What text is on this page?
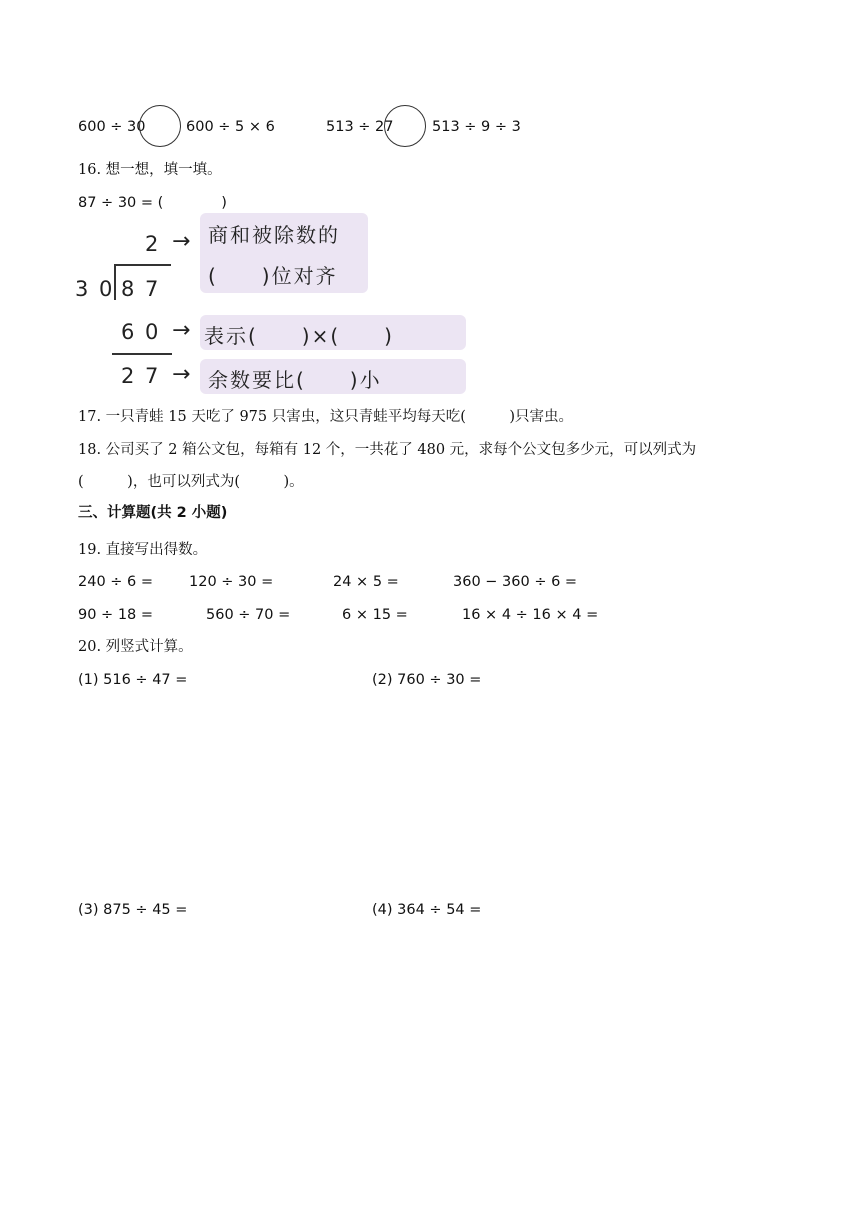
600 ÷ 30	600 ÷ 5 × 6	513 ÷ 27	513 ÷ 9 ÷ 3
16. 想一想，填一填。
87 ÷ 30 = (　　　　)
2 →

商和被除数的

(　　)位对齐

3 0 8 7
6 0 →

表示(　　)×(　　)

2 7 →

余数要比(　　)小

17. 一只青蛙 15 天吃了 975 只害虫，这只青蛙平均每天吃(　　　)只害虫。
18. 公司买了 2 箱公文包，每箱有 12 个，一共花了 480 元，求每个公文包多少元，可以列式为
(　　　)，也可以列式为(　　　)。
三、计算题(共 2 小题)
19. 直接写出得数。
240 ÷ 6 = 120 ÷ 30 =	24 × 5 =	360 − 360 ÷ 6 =
90 ÷ 18 =	560 ÷ 70 =	6 × 15 =	16 × 4 ÷ 16 × 4 =
20. 列竖式计算。
(1) 516 ÷ 47 =	(2) 760 ÷ 30 =
(3) 875 ÷ 45 =	(4) 364 ÷ 54 =
